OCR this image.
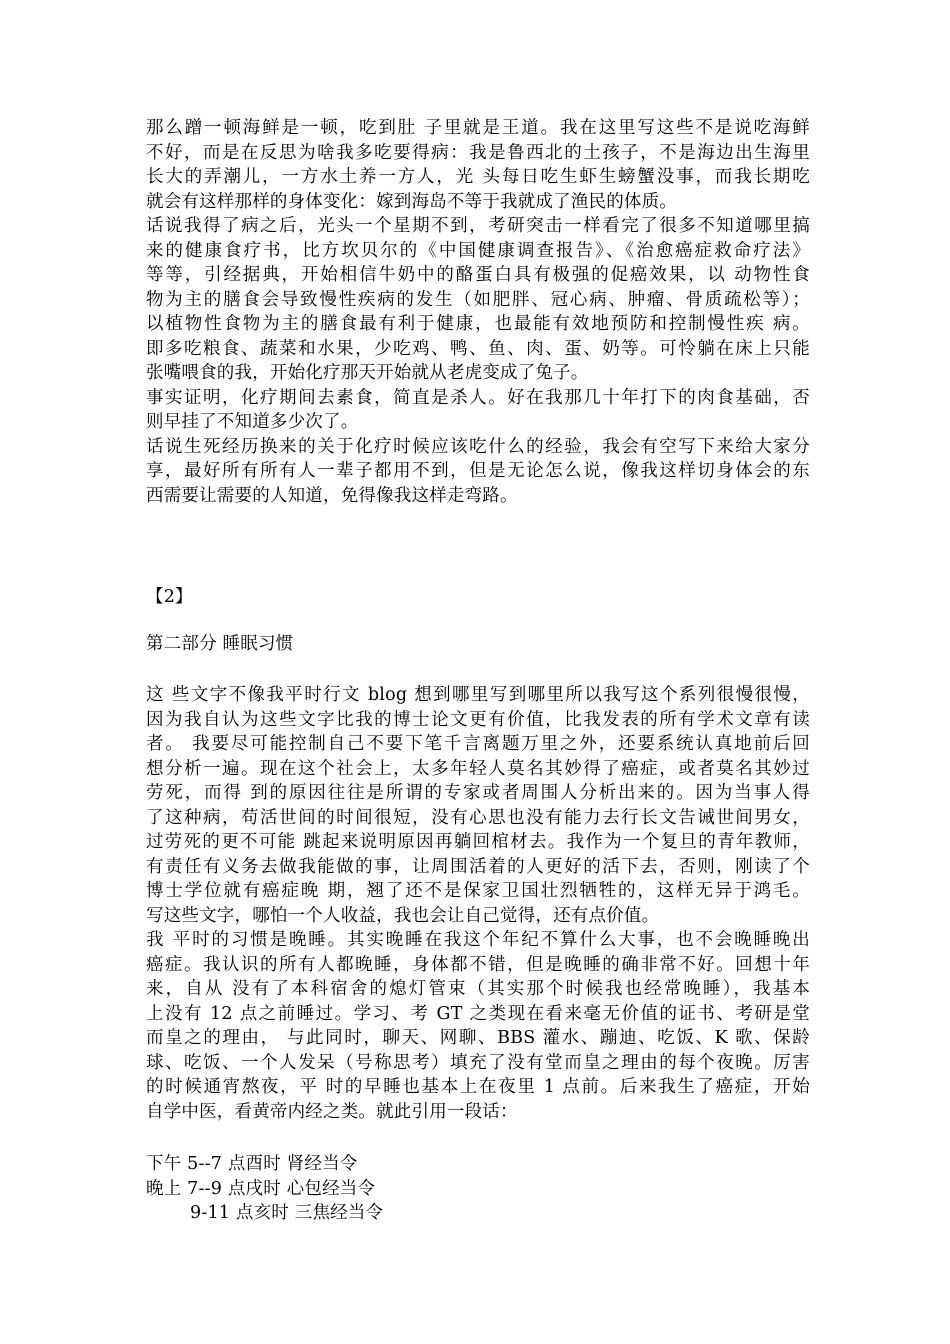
那么蹭一顿海鲜是一顿，吃到肚 子里就是王道。我在这里写这些不是说吃海鲜
不好，而是在反思为啥我多吃要得病：我是鲁西北的土孩子，不是海边出生海里
长大的弄潮儿，一方水土养一方人，光 头每日吃生虾生螃蟹没事，而我长期吃
就会有这样那样的身体变化：嫁到海岛不等于我就成了渔民的体质。
话说我得了病之后，光头一个星期不到，考研突击一样看完了很多不知道哪里搞
来的健康食疗书，比方坎贝尔的《中国健康调查报告》、《治愈癌症救命疗法》
等等，引经据典，开始相信牛奶中的酪蛋白具有极强的促癌效果，以 动物性食
物为主的膳食会导致慢性疾病的发生（如肥胖、冠心病、肿瘤、骨质疏松等）；
以植物性食物为主的膳食最有利于健康，也最能有效地预防和控制慢性疾 病。
即多吃粮食、蔬菜和水果，少吃鸡、鸭、鱼、肉、蛋、奶等。可怜躺在床上只能
张嘴喂食的我，开始化疗那天开始就从老虎变成了兔子。
事实证明，化疗期间去素食，简直是杀人。好在我那几十年打下的肉食基础，否
则早挂了不知道多少次了。
话说生死经历换来的关于化疗时候应该吃什么的经验，我会有空写下来给大家分
享，最好所有所有人一辈子都用不到，但是无论怎么说，像我这样切身体会的东
西需要让需要的人知道，免得像我这样走弯路。
【2】
第二部分 睡眠习惯
这 些文字不像我平时行文 blog 想到哪里写到哪里所以我写这个系列很慢很慢，
因为我自认为这些文字比我的博士论文更有价值，比我发表的所有学术文章有读
者。 我要尽可能控制自己不要下笔千言离题万里之外，还要系统认真地前后回
想分析一遍。现在这个社会上，太多年轻人莫名其妙得了癌症，或者莫名其妙过
劳死，而得 到的原因往往是所谓的专家或者周围人分析出来的。因为当事人得
了这种病，苟活世间的时间很短，没有心思也没有能力去行长文告诫世间男女，
过劳死的更不可能 跳起来说明原因再躺回棺材去。我作为一个复旦的青年教师，
有责任有义务去做我能做的事，让周围活着的人更好的活下去，否则，刚读了个
博士学位就有癌症晚 期，翘了还不是保家卫国壮烈牺牲的，这样无异于鸿毛。
写这些文字，哪怕一个人收益，我也会让自己觉得，还有点价值。
我 平时的习惯是晚睡。其实晚睡在我这个年纪不算什么大事，也不会晚睡晚出
癌症。我认识的所有人都晚睡，身体都不错，但是晚睡的确非常不好。回想十年
来，自从 没有了本科宿舍的熄灯管束（其实那个时候我也经常晚睡），我基本
上没有 12 点之前睡过。学习、考 GT 之类现在看来毫无价值的证书、考研是堂
而皇之的理由， 与此同时，聊天、网聊、BBS 灌水、蹦迪、吃饭、K 歌、保龄
球、吃饭、一个人发呆（号称思考）填充了没有堂而皇之理由的每个夜晚。厉害
的时候通宵熬夜，平 时的早睡也基本上在夜里 1 点前。后来我生了癌症，开始
自学中医，看黄帝内经之类。就此引用一段话：
下午 5--7 点酉时 肾经当令
晚上 7--9 点戌时 心包经当令
9-11 点亥时 三焦经当令
